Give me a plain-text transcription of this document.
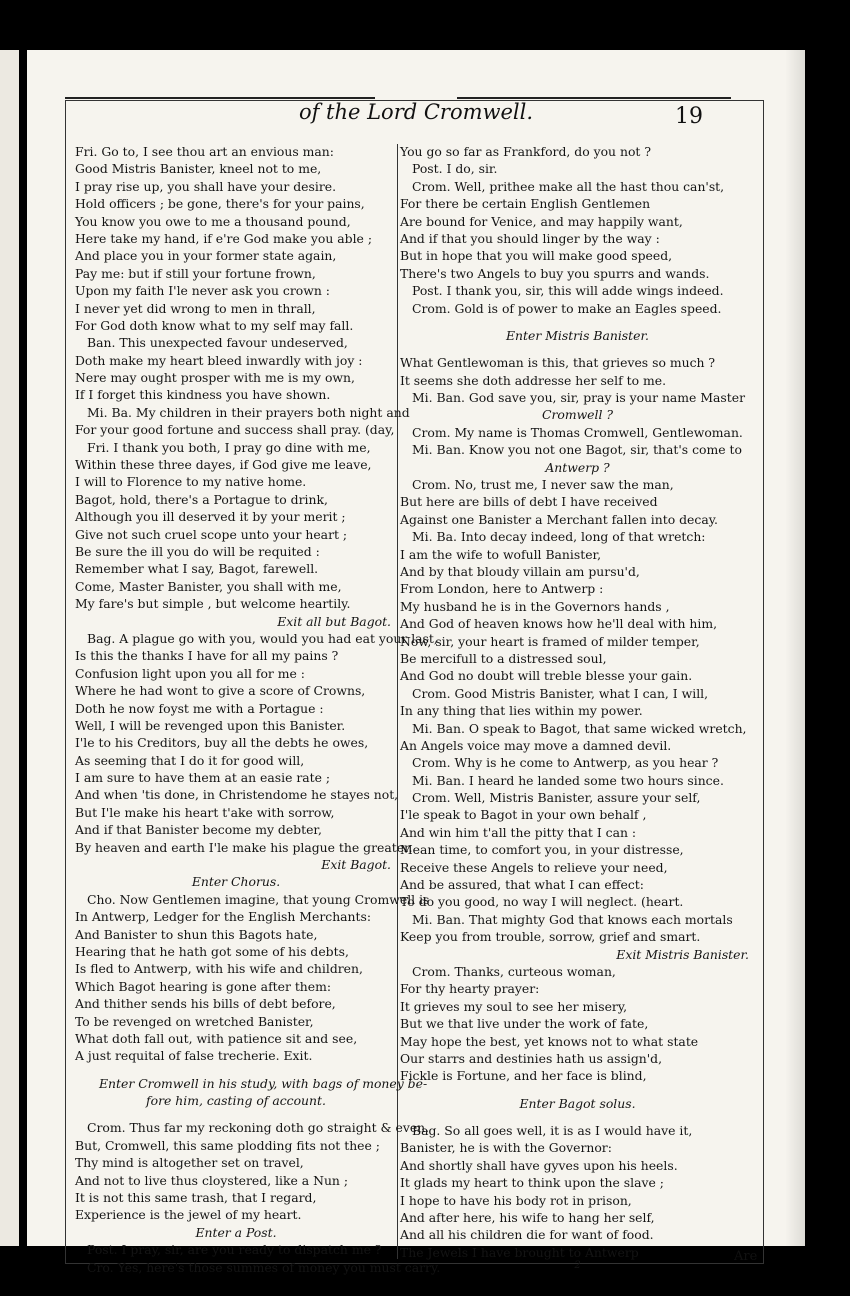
of the Lord Cromwell.	19
Fri. Go to, I see thou art an envious man:
Good Mistris Banister, kneel not to me,
I pray rise up, you shall have your desire.
Hold officers ; be gone, there's for your pains,
You know you owe to me a thousand pound,
Here take my hand, if e're God make you able ;
And place you in your former state again,
Pay me: but if still your fortune frown,
Upon my faith I'le never ask you crown :
I never yet did wrong to men in thrall,
For God doth know what to my self may fall.
Ban. This unexpected favour undeserved,
Doth make my heart bleed inwardly with joy :
Nere may ought prosper with me is my own,
If I forget this kindness you have shown.
Mi. Ba. My children in their prayers both night and
For your good fortune and success shall pray. (day,
Fri. I thank you both, I pray go dine with me,
Within these three dayes, if God give me leave,
I will to Florence to my native home.
Bagot, hold, there's a Portague to drink,
Although you ill deserved it by your merit ;
Give not such cruel scope unto your heart ;
Be sure the ill you do will be requited :
Remember what I say, Bagot, farewell.
Come, Master Banister, you shall with me,
My fare's but simple , but welcome heartily.
Exit all but Bagot.
Bag. A plague go with you, would you had eat your last,
Is this the thanks I have for all my pains ?
Confusion light upon you all for me :
Where he had wont to give a score of Crowns,
Doth he now foyst me with a Portague :
Well, I will be revenged upon this Banister.
I'le to his Creditors, buy all the debts he owes,
As seeming that I do it for good will,
I am sure to have them at an easie rate ;
And when 'tis done, in Christendome he stayes not,
But I'le make his heart t'ake with sorrow,
And if that Banister become my debter,
By heaven and earth I'le make his plague the greater.
Exit Bagot.
Enter Chorus.
Cho. Now Gentlemen imagine, that young Cromwell is
In Antwerp, Ledger for the English Merchants:
And Banister to shun this Bagots hate,
Hearing that he hath got some of his debts,
Is fled to Antwerp, with his wife and children,
Which Bagot hearing is gone after them:
And thither sends his bills of debt before,
To be revenged on wretched Banister,
What doth fall out, with patience sit and see,
A just requital of false trecherie. Exit.
Enter Cromwell in his study, with bags of money be-
fore him, casting of account.
Crom. Thus far my reckoning doth go straight & even.
But, Cromwell, this same plodding fits not thee ;
Thy mind is altogether set on travel,
And not to live thus cloystered, like a Nun ;
It is not this same trash, that I regard,
Experience is the jewel of my heart.
Enter a Post.
Post. I pray, sir, are you ready to dispatch me ?
Cro. Yes, here's those summes of money you must carry.
You go so far as Frankford, do you not ?
Post. I do, sir.
Crom. Well, prithee make all the hast thou can'st,
For there be certain English Gentlemen
Are bound for Venice, and may happily want,
And if that you should linger by the way :
But in hope that you will make good speed,
There's two Angels to buy you spurrs and wands.
Post. I thank you, sir, this will adde wings indeed.
Crom. Gold is of power to make an Eagles speed.
Enter Mistris Banister.
What Gentlewoman is this, that grieves so much ?
It seems she doth addresse her self to me.
Mi. Ban. God save you, sir, pray is your name Master
Cromwell ?
Crom. My name is Thomas Cromwell, Gentlewoman.
Mi. Ban. Know you not one Bagot, sir, that's come to
Antwerp ?
Crom. No, trust me, I never saw the man,
But here are bills of debt I have received
Against one Banister a Merchant fallen into decay.
Mi. Ba. Into decay indeed, long of that wretch:
I am the wife to wofull Banister,
And by that bloudy villain am pursu'd,
From London, here to Antwerp :
My husband he is in the Governors hands ,
And God of heaven knows how he'll deal with him,
Now, sir, your heart is framed of milder temper,
Be mercifull to a distressed soul,
And God no doubt will treble blesse your gain.
Crom. Good Mistris Banister, what I can, I will,
In any thing that lies within my power.
Mi. Ban. O speak to Bagot, that same wicked wretch,
An Angels voice may move a damned devil.
Crom. Why is he come to Antwerp, as you hear ?
Mi. Ban. I heard he landed some two hours since.
Crom. Well, Mistris Banister, assure your self,
I'le speak to Bagot in your own behalf ,
And win him t'all the pitty that I can :
Mean time, to comfort you, in your distresse,
Receive these Angels to relieve your need,
And be assured, that what I can effect:
To do you good, no way I will neglect. (heart.
Mi. Ban. That mighty God that knows each mortals
Keep you from trouble, sorrow, grief and smart.
Exit Mistris Banister.
Crom. Thanks, curteous woman,
For thy hearty prayer:
It grieves my soul to see her misery,
But we that live under the work of fate,
May hope the best, yet knows not to what state
Our starrs and destinies hath us assign'd,
Fickle is Fortune, and her face is blind,
Enter Bagot solus.
Bag. So all goes well, it is as I would have it,
Banister, he is with the Governor:
And shortly shall have gyves upon his heels.
It glads my heart to think upon the slave ;
I hope to have his body rot in prison,
And after here, his wife to hang her self,
And all his children die for want of food.
The Jewels I have brought to Antwerp
2
Are
